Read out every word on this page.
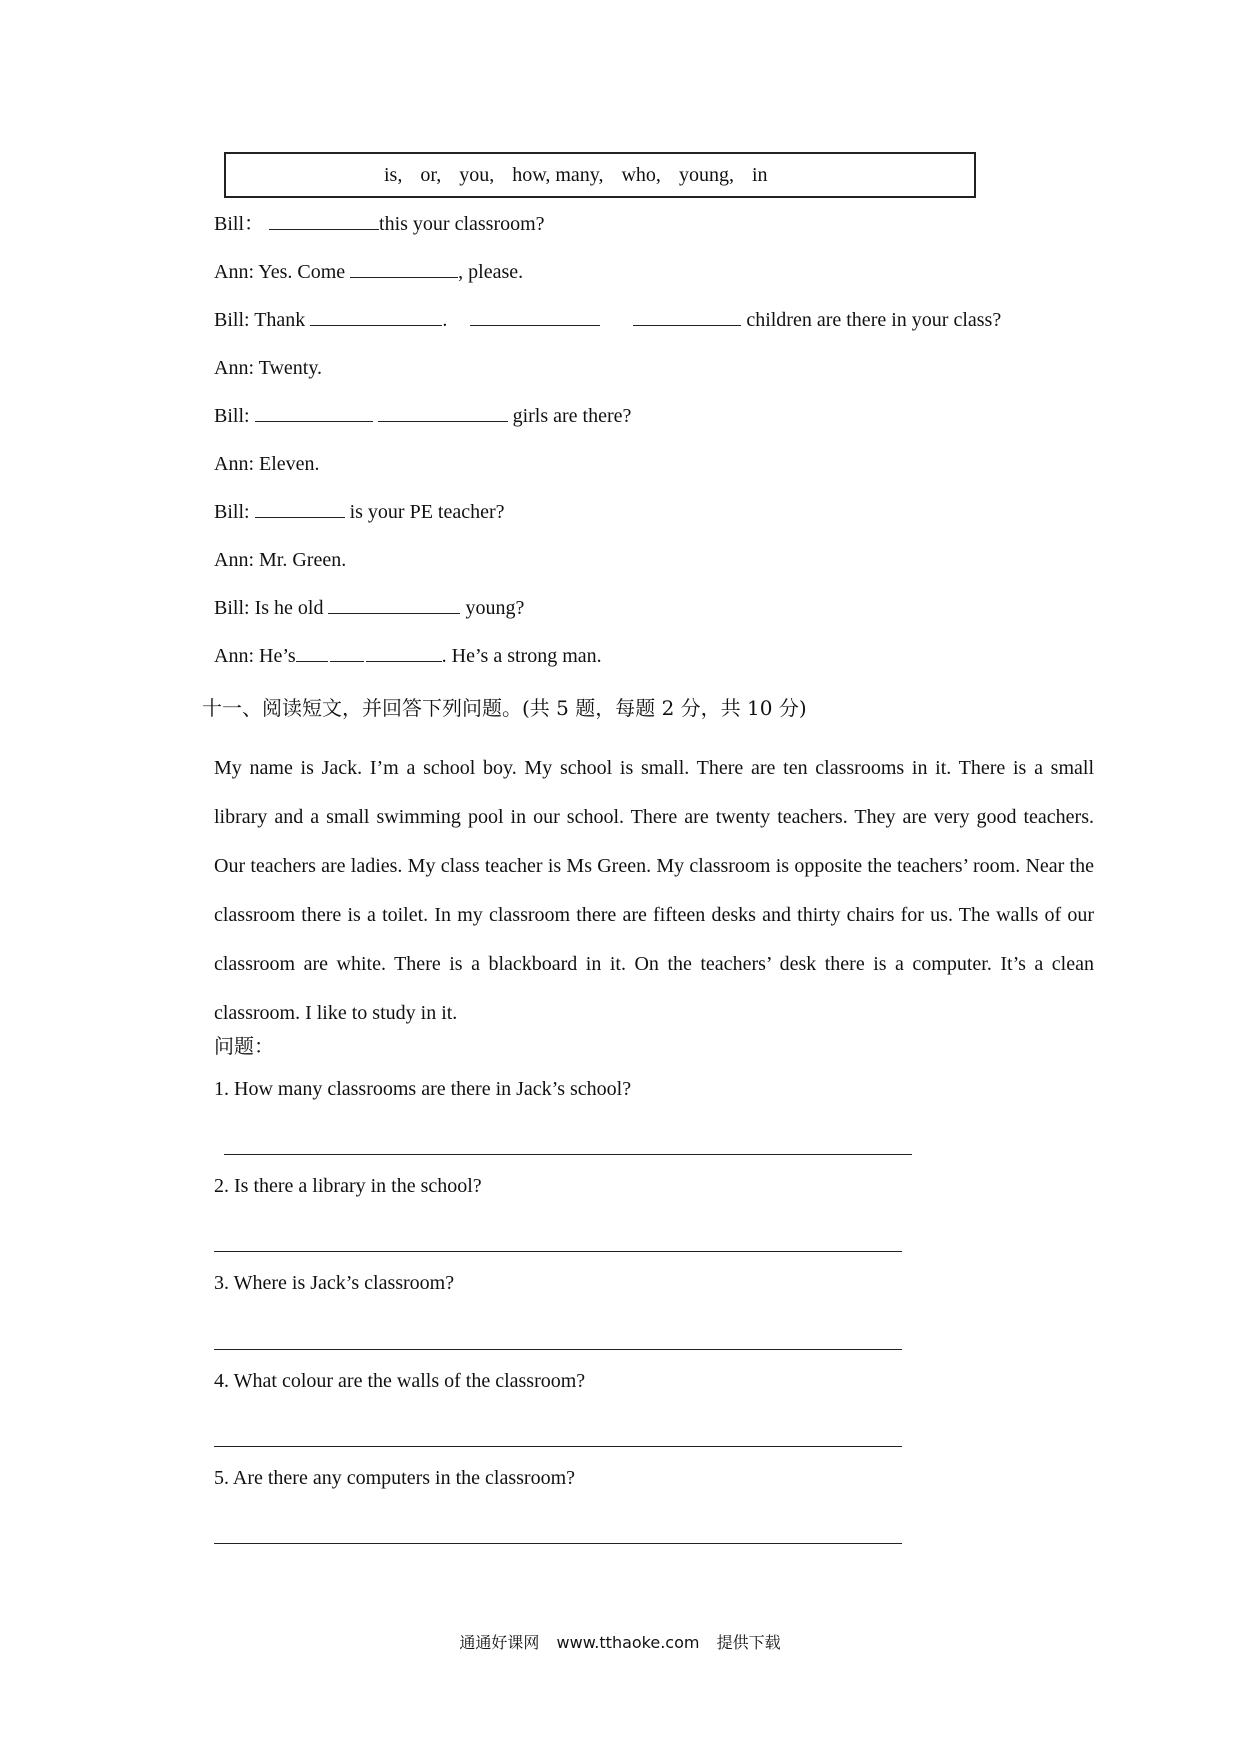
is, or, you, how, many, who, young, in
Bill：	this your classroom?
Ann: Yes. Come	, please.
Bill: Thank	.	children are there in your class?
Ann: Twenty.
Bill:	girls are there?
Ann: Eleven.
Bill:	is your PE teacher?
Ann: Mr. Green.
Bill: Is he old	young?
Ann: He’s	. He’s a strong man.
十一、阅读短文，并回答下列问题。(共 5 题，每题 2 分，共 10 分)
My name is Jack. I’m a school boy. My school is small. There are ten classrooms in it. There is a small library and a small swimming pool in our school. There are twenty teachers. They are very good teachers. Our teachers are ladies. My class teacher is Ms Green. My classroom is opposite the teachers’ room. Near the classroom there is a toilet. In my classroom there are fifteen desks and thirty chairs for us. The walls of our classroom are white. There is a blackboard in it. On the teachers’ desk there is a computer. It’s a clean classroom. I like to study in it.
问题：
1. How many classrooms are there in Jack’s school?
2. Is there a library in the school?
3. Where is Jack’s classroom?
4. What colour are the walls of the classroom?
5. Are there any computers in the classroom?
通通好课网 www.tthaoke.com 提供下载
